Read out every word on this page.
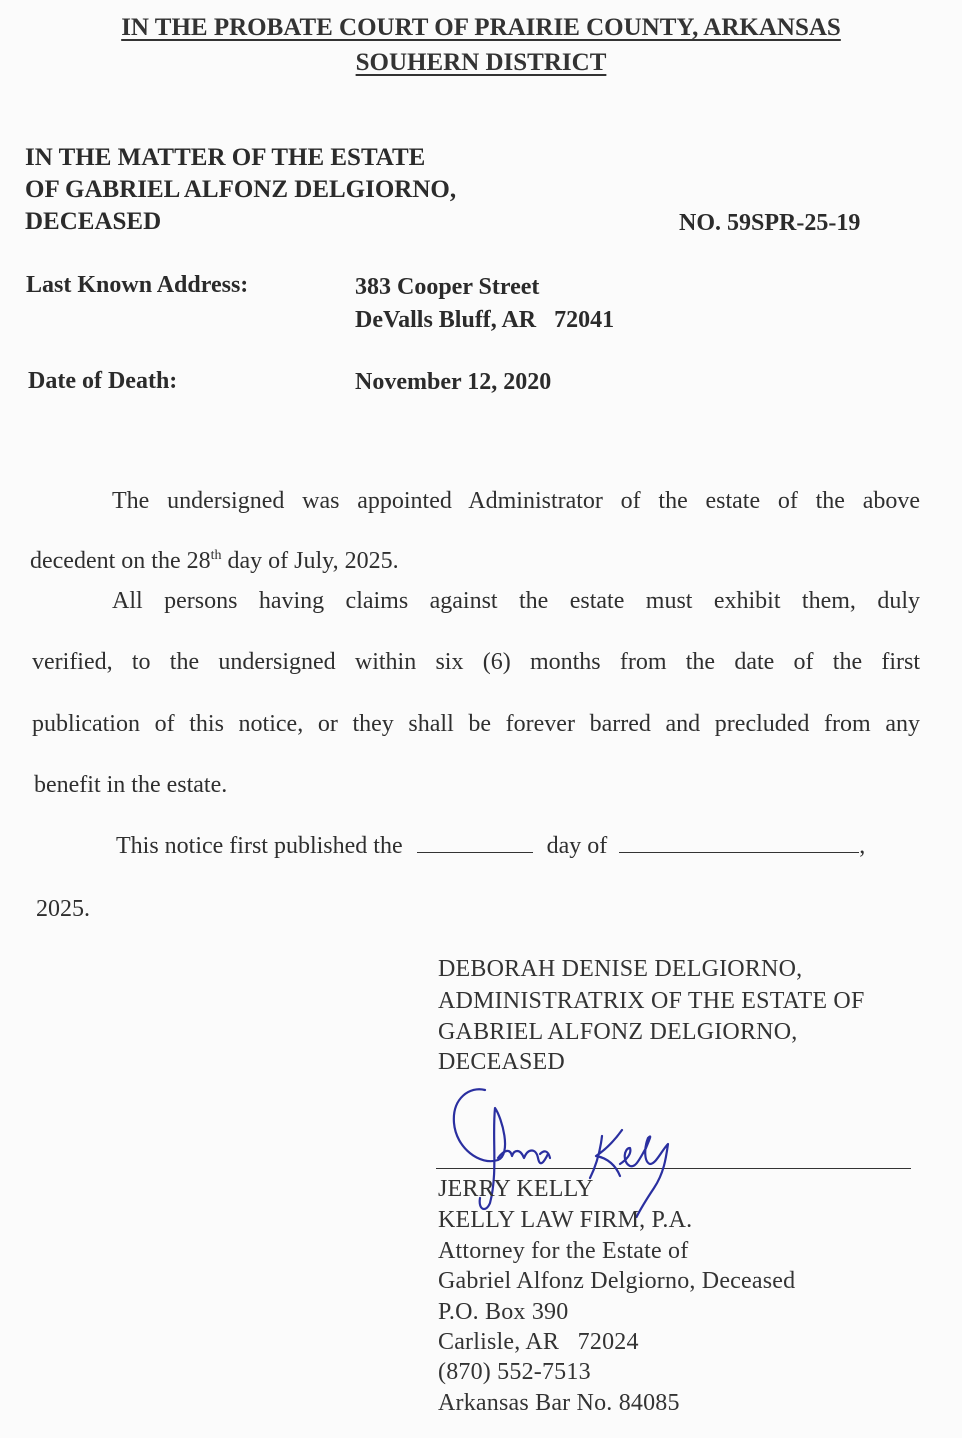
IN THE PROBATE COURT OF PRAIRIE COUNTY, ARKANSAS
SOUHERN DISTRICT
IN THE MATTER OF THE ESTATE
OF GABRIEL ALFONZ DELGIORNO,
DECEASED	NO. 59SPR-25-19
Last Known Address:	383 Cooper Street
DeValls Bluff, AR   72041
Date of Death:	November 12, 2020
The undersigned was appointed Administrator of the estate of the above
decedent on the 28th day of July, 2025.
All persons having claims against the estate must exhibit them, duly
verified, to the undersigned within six (6) months from the date of the first
publication of this notice, or they shall be forever barred and precluded from any
benefit in the estate.
This notice first published the	day of	,
2025.
DEBORAH DENISE DELGIORNO,
ADMINISTRATRIX OF THE ESTATE OF
GABRIEL ALFONZ DELGIORNO,
DECEASED
JERRY KELLY
KELLY LAW FIRM, P.A.
Attorney for the Estate of
Gabriel Alfonz Delgiorno, Deceased
P.O. Box 390
Carlisle, AR   72024
(870) 552-7513
Arkansas Bar No. 84085
